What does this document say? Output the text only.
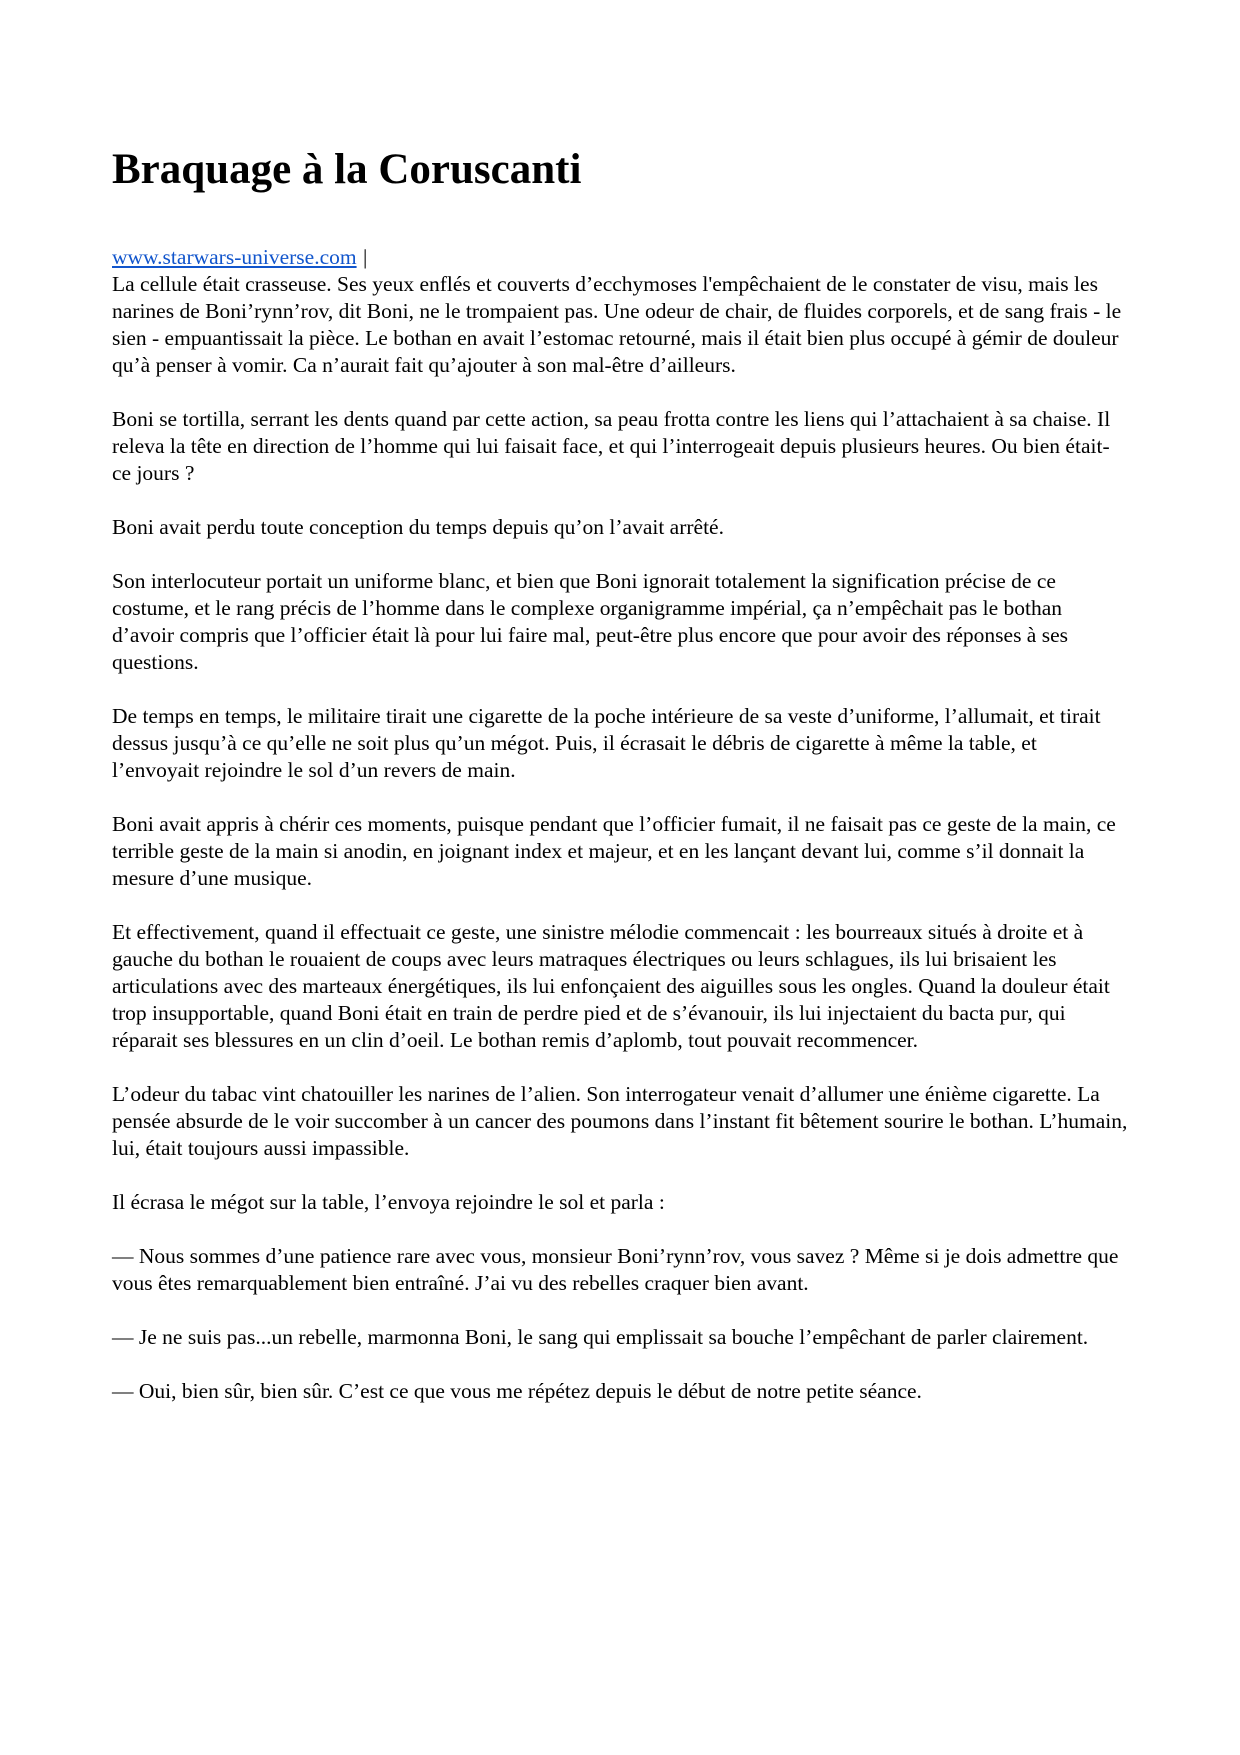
Braquage à la Coruscanti

www.starwars-universe.com |

La cellule était crasseuse. Ses yeux enflés et couverts d’ecchymoses l'empêchaient de le constater de visu, mais les narines de Boni’rynn’rov, dit Boni, ne le trompaient pas. Une odeur de chair, de fluides corporels, et de sang frais - le sien - empuantissait la pièce. Le bothan en avait l’estomac retourné, mais il était bien plus occupé à gémir de douleur qu’à penser à vomir. Ca n’aurait fait qu’ajouter à son mal-être d’ailleurs.

Boni se tortilla, serrant les dents quand par cette action, sa peau frotta contre les liens qui l’attachaient à sa chaise. Il releva la tête en direction de l’homme qui lui faisait face, et qui l’interrogeait depuis plusieurs heures. Ou bien était-ce jours ?

Boni avait perdu toute conception du temps depuis qu’on l’avait arrêté.

Son interlocuteur portait un uniforme blanc, et bien que Boni ignorait totalement la signification précise de ce costume, et le rang précis de l’homme dans le complexe organigramme impérial, ça n’empêchait pas le bothan d’avoir compris que l’officier était là pour lui faire mal, peut-être plus encore que pour avoir des réponses à ses questions.

De temps en temps, le militaire tirait une cigarette de la poche intérieure de sa veste d’uniforme, l’allumait, et tirait dessus jusqu’à ce qu’elle ne soit plus qu’un mégot. Puis, il écrasait le débris de cigarette à même la table, et l’envoyait rejoindre le sol d’un revers de main.

Boni avait appris à chérir ces moments, puisque pendant que l’officier fumait, il ne faisait pas ce geste de la main, ce terrible geste de la main si anodin, en joignant index et majeur, et en les lançant devant lui, comme s’il donnait la mesure d’une musique.

Et effectivement, quand il effectuait ce geste, une sinistre mélodie commencait : les bourreaux situés à droite et à gauche du bothan le rouaient de coups avec leurs matraques électriques ou leurs schlagues, ils lui brisaient les articulations avec des marteaux énergétiques, ils lui enfonçaient des aiguilles sous les ongles. Quand la douleur était trop insupportable, quand Boni était en train de perdre pied et de s’évanouir, ils lui injectaient du bacta pur, qui réparait ses blessures en un clin d’oeil. Le bothan remis d’aplomb, tout pouvait recommencer.

L’odeur du tabac vint chatouiller les narines de l’alien. Son interrogateur venait d’allumer une énième cigarette. La pensée absurde de le voir succomber à un cancer des poumons dans l’instant fit bêtement sourire le bothan. L’humain, lui, était toujours aussi impassible.

Il écrasa le mégot sur la table, l’envoya rejoindre le sol et parla :

— Nous sommes d’une patience rare avec vous, monsieur Boni’rynn’rov, vous savez ? Même si je dois admettre que vous êtes remarquablement bien entraîné. J’ai vu des rebelles craquer bien avant.

— Je ne suis pas...un rebelle, marmonna Boni, le sang qui emplissait sa bouche l’empêchant de parler clairement.

— Oui, bien sûr, bien sûr. C’est ce que vous me répétez depuis le début de notre petite séance.
